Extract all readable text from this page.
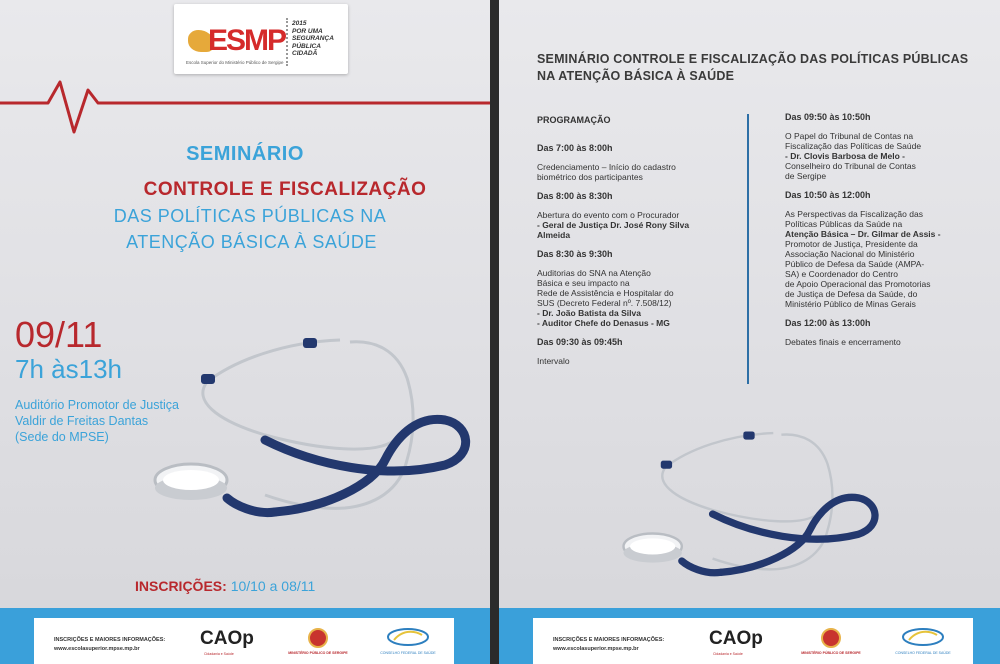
ESMP
2015
POR UMA
SEGURANÇA
PÚBLICA
CIDADÃ
Escola Superior do Ministério Público de Sergipe
SEMINÁRIO
CONTROLE E FISCALIZAÇÃO
DAS POLÍTICAS PÚBLICAS NA
ATENÇÃO BÁSICA À SAÚDE
09/11
7h às13h
Auditório Promotor de Justiça
Valdir de Freitas Dantas
(Sede do MPSE)
INSCRIÇÕES: 10/10 a 08/11
INSCRIÇÕES E MAIORES INFORMAÇÕES:
www.escolasuperior.mpse.mp.br	CAOp
Cidadania e Saúde	MINISTÉRIO PÚBLICO DE SERGIPE	CONSELHO FEDERAL DE SAÚDE
SEMINÁRIO CONTROLE E FISCALIZAÇÃO DAS POLÍTICAS PÚBLICAS
NA ATENÇÃO BÁSICA À SAÚDE

PROGRAMAÇÃO

Das 7:00 às 8:00h

Credenciamento – Início do cadastro

biométrico dos participantes

Das 8:00 às 8:30h

Abertura do evento com o Procurador

- Geral de Justiça Dr. José Rony Silva

Almeida

Das 8:30 às 9:30h

Auditorias do SNA na Atenção

Básica e seu impacto na

Rede de Assistência e Hospitalar do

SUS (Decreto Federal nº. 7.508/12)

- Dr. João Batista da Silva

- Auditor Chefe do Denasus - MG

Das 09:30 às 09:45h

Intervalo

Das 09:50 às 10:50h

O Papel do Tribunal de Contas na

Fiscalização das Políticas de Saúde

- Dr. Clovis Barbosa de Melo -

Conselheiro do Tribunal de Contas

de Sergipe

Das 10:50 às 12:00h

As Perspectivas da Fiscalização das

Políticas Públicas da Saúde na

Atenção Básica – Dr. Gilmar de Assis -

Promotor de Justiça, Presidente da

Associação Nacional do Ministério

Público de Defesa da Saúde (AMPA-

SA) e Coordenador do Centro

de Apoio Operacional das Promotorias

de Justiça de Defesa da Saúde, do

Ministério Público de Minas Gerais

Das 12:00 às 13:00h

Debates finais e encerramento

INSCRIÇÕES E MAIORES INFORMAÇÕES:
www.escolasuperior.mpse.mp.br	CAOp
Cidadania e Saúde	MINISTÉRIO PÚBLICO DE SERGIPE	CONSELHO FEDERAL DE SAÚDE
